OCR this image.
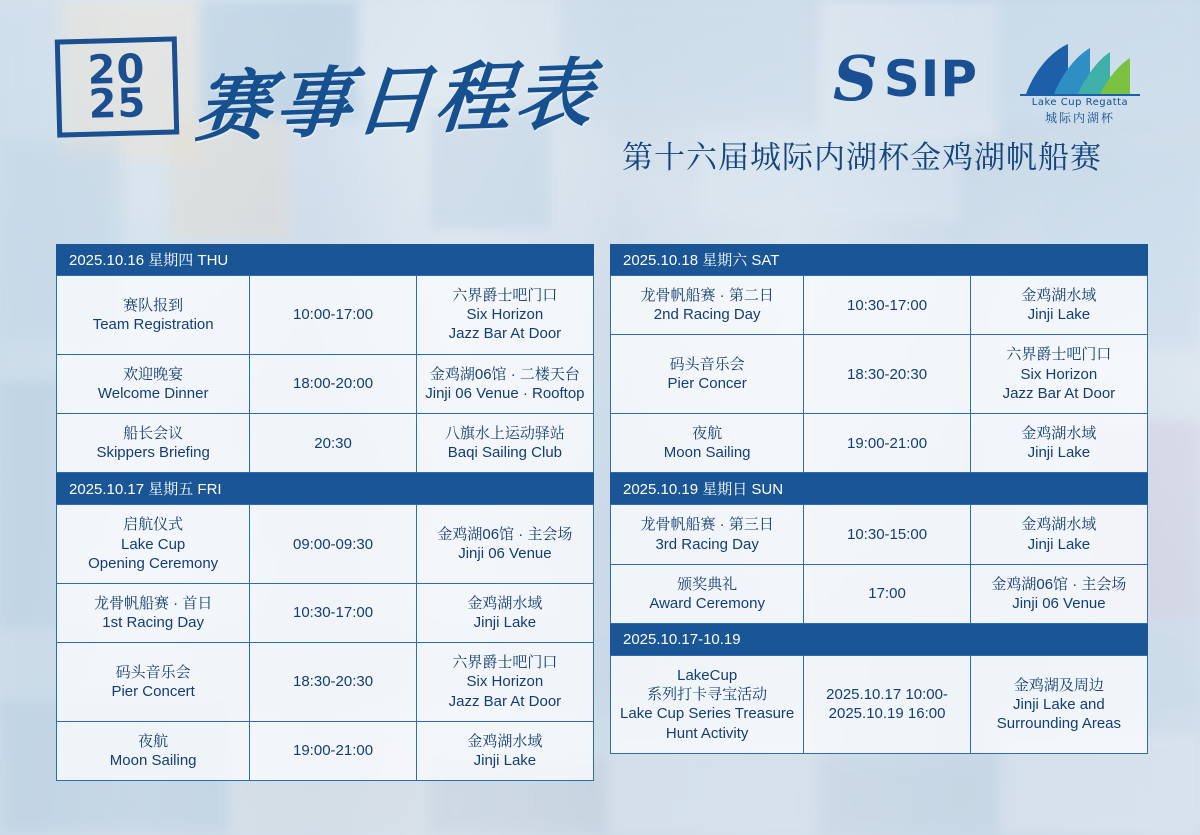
20
25 赛事日程表
第十六届城际内湖杯金鸡湖帆船赛
S SIP	Lake Cup Regatta
城际内湖杯
2025.10.16 星期四 THU
赛队报到
Team Registration	10:00-17:00	六界爵士吧门口
Six Horizon
Jazz Bar At Door

欢迎晚宴
Welcome Dinner	18:00-20:00	金鸡湖06馆 · 二楼天台
Jinji 06 Venue · Rooftop

船长会议
Skippers Briefing	20:30	八旗水上运动驿站
Baqi Sailing Club
2025.10.17 星期五 FRI
启航仪式
Lake Cup
Opening Ceremony	09:00-09:30	金鸡湖06馆 · 主会场
Jinji 06 Venue

龙骨帆船赛 · 首日
1st Racing Day	10:30-17:00	金鸡湖水域
Jinji Lake

码头音乐会
Pier Concert	18:30-20:30	六界爵士吧门口
Six Horizon
Jazz Bar At Door

夜航
Moon Sailing	19:00-21:00	金鸡湖水域
Jinji Lake
2025.10.18 星期六 SAT
龙骨帆船赛 · 第二日
2nd Racing Day	10:30-17:00	金鸡湖水域
Jinji Lake

码头音乐会
Pier Concer	18:30-20:30	六界爵士吧门口
Six Horizon
Jazz Bar At Door

夜航
Moon Sailing	19:00-21:00	金鸡湖水域
Jinji Lake
2025.10.19 星期日 SUN
龙骨帆船赛 · 第三日
3rd Racing Day	10:30-15:00	金鸡湖水域
Jinji Lake

颁奖典礼
Award Ceremony	17:00	金鸡湖06馆 · 主会场
Jinji 06 Venue
2025.10.17-10.19
LakeCup
系列打卡寻宝活动
Lake Cup Series Treasure
Hunt Activity

2025.10.17 10:00-
2025.10.19 16:00

金鸡湖及周边
Jinji Lake and
Surrounding Areas
